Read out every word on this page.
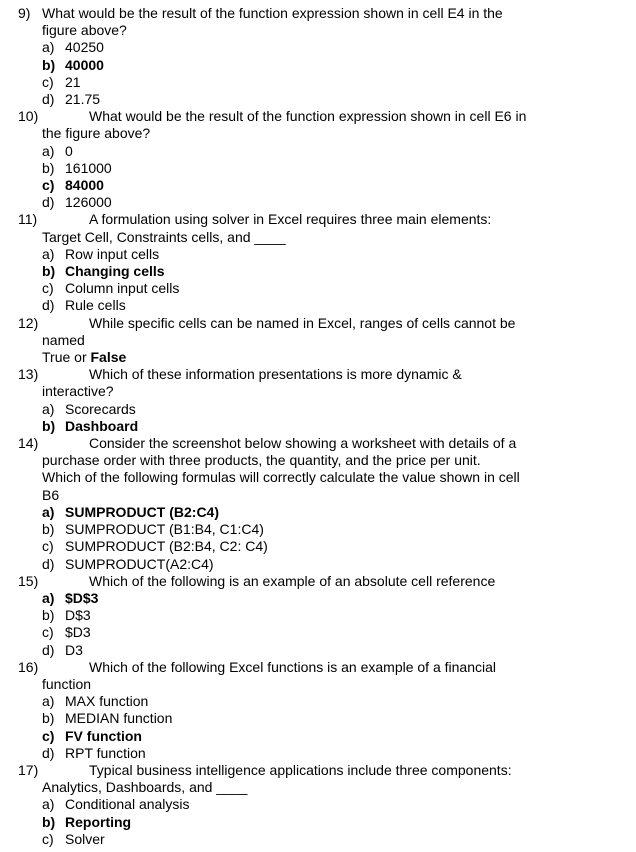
9) What would be the result of the function expression shown in cell E4 in the
figure above?
a) 40250
b) 40000
c) 21
d) 21.75
10)	What would be the result of the function expression shown in cell E6 in
the figure above?
a) 0
b) 161000
c) 84000
d) 126000
11)	A formulation using solver in Excel requires three main elements:
Target Cell, Constraints cells, and ____
a) Row input cells
b) Changing cells
c) Column input cells
d) Rule cells
12)	While specific cells can be named in Excel, ranges of cells cannot be
named
True or False
13)	Which of these information presentations is more dynamic &
interactive?
a) Scorecards
b) Dashboard
14)	Consider the screenshot below showing a worksheet with details of a
purchase order with three products, the quantity, and the price per unit.
Which of the following formulas will correctly calculate the value shown in cell
B6
a) SUMPRODUCT (B2:C4)
b) SUMPRODUCT (B1:B4, C1:C4)
c) SUMPRODUCT (B2:B4, C2: C4)
d) SUMPRODUCT(A2:C4)
15)	Which of the following is an example of an absolute cell reference
a) $D$3
b) D$3
c) $D3
d) D3
16)	Which of the following Excel functions is an example of a financial
function
a) MAX function
b) MEDIAN function
c) FV function
d) RPT function
17)	Typical business intelligence applications include three components:
Analytics, Dashboards, and ____
a) Conditional analysis
b) Reporting
c) Solver
